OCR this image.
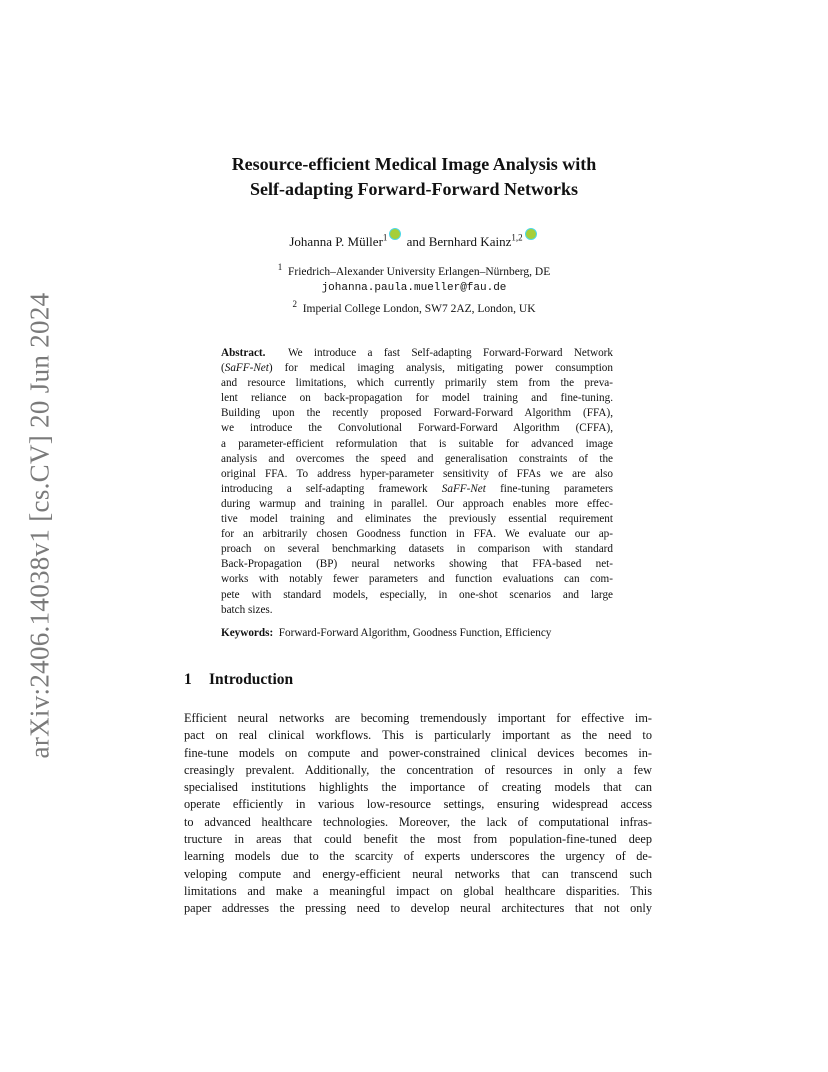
arXiv:2406.14038v1 [cs.CV] 20 Jun 2024
Resource-efficient Medical Image Analysis with
Self-adapting Forward-Forward Networks
Johanna P. Müller$^1$ and Bernhard Kainz$^{1,2}$
$^1$ Friedrich–Alexander University Erlangen–Nürnberg, DE
johanna.paula.mueller@fau.de
$^2$ Imperial College London, SW7 2AZ, London, UK
Abstract. We introduce a fast Self-adapting Forward-Forward Network
(SaFF-Net) for medical imaging analysis, mitigating power consumption
and resource limitations, which currently primarily stem from the preva-
lent reliance on back-propagation for model training and fine-tuning.
Building upon the recently proposed Forward-Forward Algorithm (FFA),
we introduce the Convolutional Forward-Forward Algorithm (CFFA),
a parameter-efficient reformulation that is suitable for advanced image
analysis and overcomes the speed and generalisation constraints of the
original FFA. To address hyper-parameter sensitivity of FFAs we are also
introducing a self-adapting framework SaFF-Net fine-tuning parameters
during warmup and training in parallel. Our approach enables more effec-
tive model training and eliminates the previously essential requirement
for an arbitrarily chosen Goodness function in FFA. We evaluate our ap-
proach on several benchmarking datasets in comparison with standard
Back-Propagation (BP) neural networks showing that FFA-based net-
works with notably fewer parameters and function evaluations can com-
pete with standard models, especially, in one-shot scenarios and large
batch sizes.
Keywords: Forward-Forward Algorithm, Goodness Function, Efficiency
1 Introduction
Efficient neural networks are becoming tremendously important for effective im-
pact on real clinical workflows. This is particularly important as the need to
fine-tune models on compute and power-constrained clinical devices becomes in-
creasingly prevalent. Additionally, the concentration of resources in only a few
specialised institutions highlights the importance of creating models that can
operate efficiently in various low-resource settings, ensuring widespread access
to advanced healthcare technologies. Moreover, the lack of computational infras-
tructure in areas that could benefit the most from population-fine-tuned deep
learning models due to the scarcity of experts underscores the urgency of de-
veloping compute and energy-efficient neural networks that can transcend such
limitations and make a meaningful impact on global healthcare disparities. This
paper addresses the pressing need to develop neural architectures that not only
